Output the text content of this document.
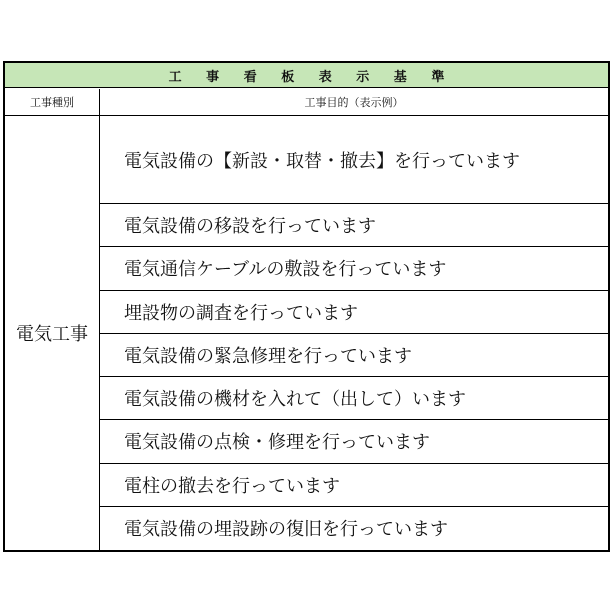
工 事 看 板 表 示 基 準
工事種別	工事目的（表示例）
電気工事
電気設備の【新設・取替・撤去】を行っています
電気設備の移設を行っています
電気通信ケーブルの敷設を行っています
埋設物の調査を行っています
電気設備の緊急修理を行っています
電気設備の機材を入れて（出して）います
電気設備の点検・修理を行っています
電柱の撤去を行っています
電気設備の埋設跡の復旧を行っています
